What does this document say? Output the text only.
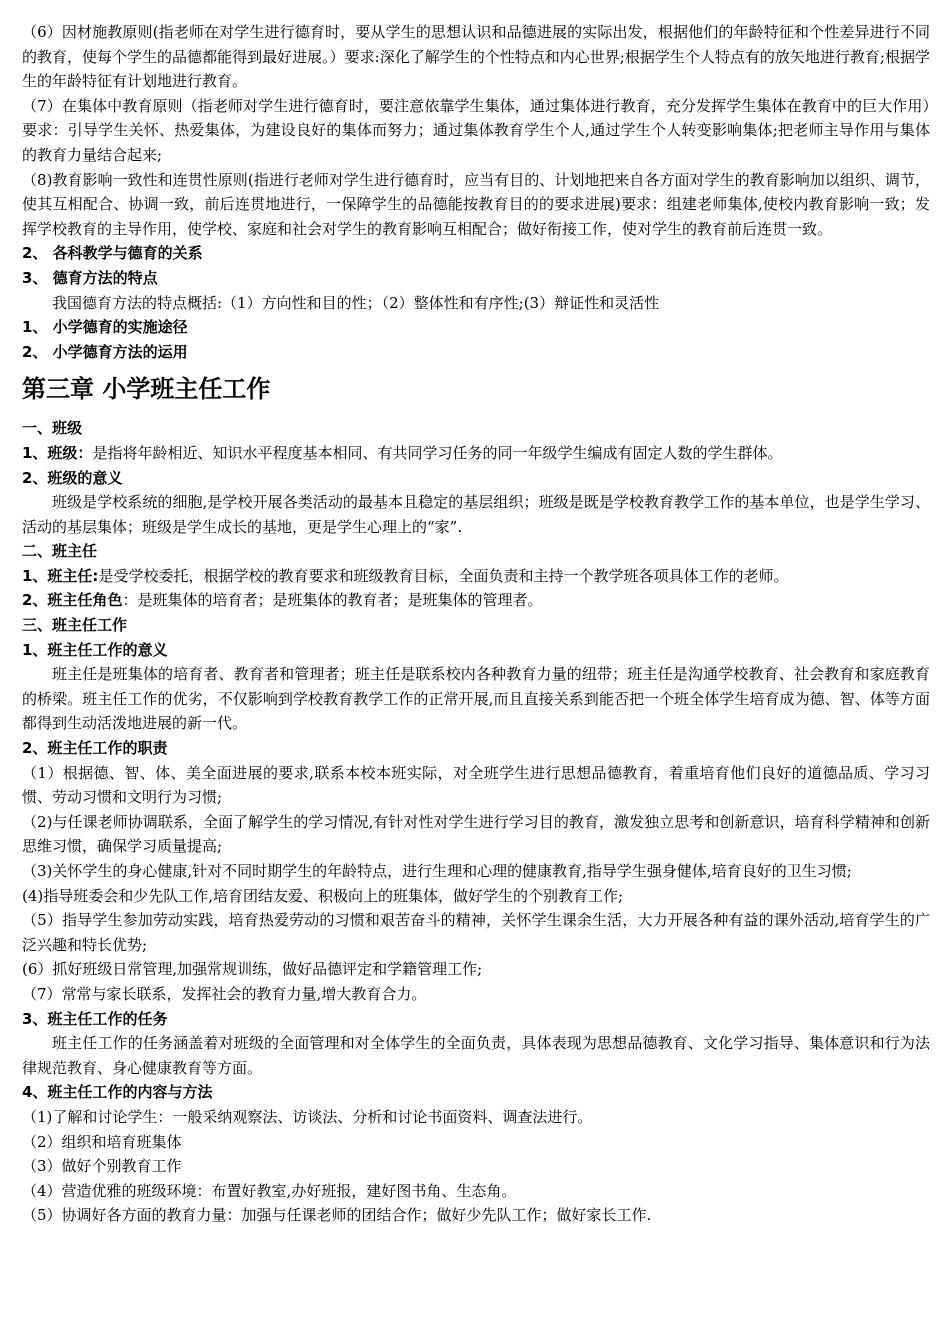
（6）因材施教原则(指老师在对学生进行德育时，要从学生的思想认识和品德进展的实际出发，根据他们的年龄特征和个性差异进行不同的教育，使每个学生的品德都能得到最好进展。）要求:深化了解学生的个性特点和内心世界;根据学生个人特点有的放矢地进行教育;根据学生的年龄特征有计划地进行教育。

（7）在集体中教育原则（指老师对学生进行德育时，要注意依靠学生集体，通过集体进行教育，充分发挥学生集体在教育中的巨大作用）要求：引导学生关怀、热爱集体，为建设良好的集体而努力；通过集体教育学生个人,通过学生个人转变影响集体;把老师主导作用与集体的教育力量结合起来;

（8)教育影响一致性和连贯性原则(指进行老师对学生进行德育时，应当有目的、计划地把来自各方面对学生的教育影响加以组织、调节，使其互相配合、协调一致，前后连贯地进行，一保障学生的品德能按教育目的的要求进展)要求：组建老师集体,使校内教育影响一致；发挥学校教育的主导作用，使学校、家庭和社会对学生的教育影响互相配合；做好衔接工作，使对学生的教育前后连贯一致。

2、 各科教学与德育的关系

3、 德育方法的特点

我国德育方法的特点概括:（1）方向性和目的性；（2）整体性和有序性;(3）辩证性和灵活性

1、 小学德育的实施途径

2、 小学德育方法的运用

第三章 小学班主任工作

一、班级

1、班级：是指将年龄相近、知识水平程度基本相同、有共同学习任务的同一年级学生编成有固定人数的学生群体。

2、班级的意义

班级是学校系统的细胞,是学校开展各类活动的最基本且稳定的基层组织；班级是既是学校教育教学工作的基本单位，也是学生学习、活动的基层集体；班级是学生成长的基地，更是学生心理上的“家”.

二、班主任

1、班主任:是受学校委托，根据学校的教育要求和班级教育目标，全面负责和主持一个教学班各项具体工作的老师。

2、班主任角色：是班集体的培育者；是班集体的教育者；是班集体的管理者。

三、班主任工作

1、班主任工作的意义

班主任是班集体的培育者、教育者和管理者；班主任是联系校内各种教育力量的纽带；班主任是沟通学校教育、社会教育和家庭教育的桥梁。班主任工作的优劣，不仅影响到学校教育教学工作的正常开展,而且直接关系到能否把一个班全体学生培育成为德、智、体等方面都得到生动活泼地进展的新一代。

2、班主任工作的职责

（1）根据德、智、体、美全面进展的要求,联系本校本班实际，对全班学生进行思想品德教育，着重培育他们良好的道德品质、学习习惯、劳动习惯和文明行为习惯;

（2)与任课老师协调联系，全面了解学生的学习情况,有针对性对学生进行学习目的教育，激发独立思考和创新意识，培育科学精神和创新思维习惯，确保学习质量提高;

（3)关怀学生的身心健康,针对不同时期学生的年龄特点，进行生理和心理的健康教育,指导学生强身健体,培育良好的卫生习惯;

(4)指导班委会和少先队工作,培育团结友爱、积极向上的班集体，做好学生的个别教育工作;

（5）指导学生参加劳动实践，培育热爱劳动的习惯和艰苦奋斗的精神，关怀学生课余生活，大力开展各种有益的课外活动,培育学生的广泛兴趣和特长优势;

(6）抓好班级日常管理,加强常规训练，做好品德评定和学籍管理工作;

（7）常常与家长联系，发挥社会的教育力量,增大教育合力。

3、班主任工作的任务

班主任工作的任务涵盖着对班级的全面管理和对全体学生的全面负责，具体表现为思想品德教育、文化学习指导、集体意识和行为法律规范教育、身心健康教育等方面。

4、班主任工作的内容与方法

（1)了解和讨论学生：一般采纳观察法、访谈法、分析和讨论书面资料、调查法进行。

（2）组织和培育班集体

（3）做好个别教育工作

（4）营造优雅的班级环境：布置好教室,办好班报，建好图书角、生态角。

（5）协调好各方面的教育力量：加强与任课老师的团结合作；做好少先队工作；做好家长工作.
